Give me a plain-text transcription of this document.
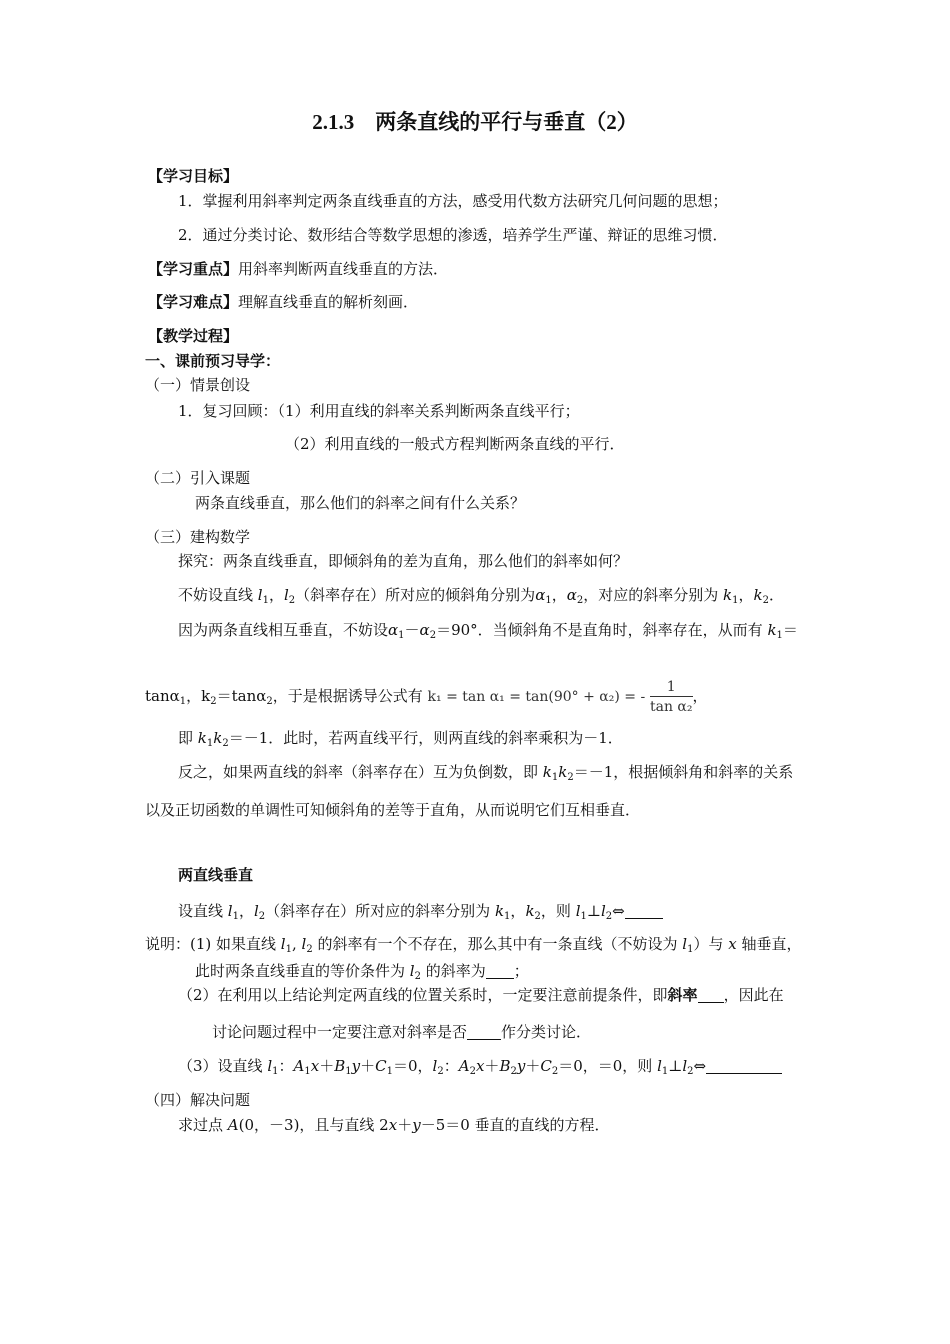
2.1.3　两条直线的平行与垂直（2）
【学习目标】
1．掌握利用斜率判定两条直线垂直的方法，感受用代数方法研究几何问题的思想；
2．通过分类讨论、数形结合等数学思想的渗透，培养学生严谨、辩证的思维习惯．
【学习重点】用斜率判断两直线垂直的方法．
【学习难点】理解直线垂直的解析刻画．
【教学过程】
一、课前预习导学：
（一）情景创设
1．复习回顾：（1）利用直线的斜率关系判断两条直线平行；
（2）利用直线的一般式方程判断两条直线的平行．
（二）引入课题
两条直线垂直，那么他们的斜率之间有什么关系？
（三）建构数学
探究：两条直线垂直，即倾斜角的差为直角，那么他们的斜率如何？
不妨设直线 $l_1$，$l_2$（斜率存在）所对应的倾斜角分别为$\alpha_1$，$\alpha_2$，对应的斜率分别为 $k_1$，$k_2$．
因为两条直线相互垂直，不妨设$\alpha_1-\alpha_2=90^\circ$．当倾斜角不是直角时，斜率存在，从而有 $k_1=$
tanα$_1$，$k_2=\tan\alpha_2$，于是根据诱导公式有 k₁ = tan α₁ = tan(90° + α₂) = - $\frac{1}{\text{tan α₂}}$ ，
即 $k_1k_2=-1$．此时，若两直线平行，则两直线的斜率乘积为－1．
反之，如果两直线的斜率（斜率存在）互为负倒数，即 $k_1k_2=-1$，根据倾斜角和斜率的关系
以及正切函数的单调性可知倾斜角的差等于直角，从而说明它们互相垂直．
两直线垂直
设直线 $l_1$，$l_2$（斜率存在）所对应的斜率分别为 $k_1$，$k_2$，则 $l_1\perp l_2\Leftrightarrow$
说明：(1) 如果直线 $l_1$, $l_2$ 的斜率有一个不存在，那么其中有一条直线（不妨设为 $l_1$）与 x 轴垂直，
此时两条直线垂直的等价条件为 $l_2$ 的斜率为 ；
（2）在利用以上结论判定两直线的位置关系时，一定要注意前提条件，即斜率 ，因此在
讨论问题过程中一定要注意对斜率是否 作分类讨论．
（3）设直线 $l_1$：$A_1x+B_1y+C_1=0$，$l_2$：$A_2x+B_2y+C_2=0$，＝0，则 $l_1\perp l_2\Leftrightarrow$
（四）解决问题
求过点 A(0，－3)，且与直线 2x＋y－5＝0 垂直的直线的方程．
